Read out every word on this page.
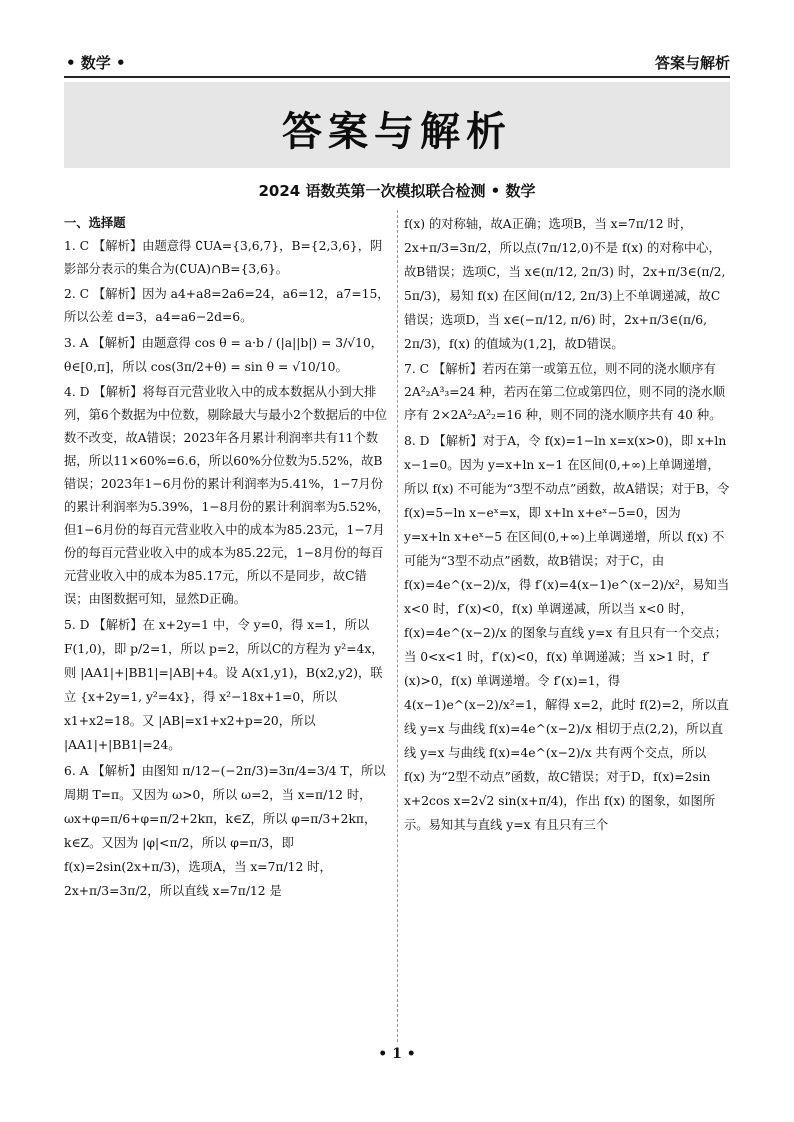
• 数学 •	答案与解析
答案与解析
2024 语数英第一次模拟联合检测 • 数学
一、选择题
1. C 【解析】由题意得 ∁UA={3,6,7}，B={2,3,6}，阴影部分表示的集合为(∁UA)∩B={3,6}。
2. C 【解析】因为 a4+a8=2a6=24，a6=12，a7=15，所以公差 d=3，a4=a6−2d=6。
3. A 【解析】由题意得 cos θ = a·b / (|a||b|) = 3/√10，θ∈[0,π]，所以 cos(3π/2+θ) = sin θ = √10/10。
4. D 【解析】将每百元营业收入中的成本数据从小到大排列，第6个数据为中位数，剔除最大与最小2个数据后的中位数不改变，故A错误；2023年各月累计利润率共有11个数据，所以11×60%=6.6，所以60%分位数为5.52%，故B错误；2023年1−6月份的累计利润率为5.41%，1−7月份的累计利润率为5.39%，1−8月份的累计利润率为5.52%，但1−6月份的每百元营业收入中的成本为85.23元，1−7月份的每百元营业收入中的成本为85.22元，1−8月份的每百元营业收入中的成本为85.17元，所以不是同步，故C错误；由图数据可知，显然D正确。
5. D 【解析】在 x+2y=1 中，令 y=0，得 x=1，所以 F(1,0)，即 p/2=1，所以 p=2，所以C的方程为 y²=4x，则 |AA1|+|BB1|=|AB|+4。设 A(x1,y1)，B(x2,y2)，联立 {x+2y=1, y²=4x}，得 x²−18x+1=0，所以 x1+x2=18。又 |AB|=x1+x2+p=20，所以 |AA1|+|BB1|=24。
6. A 【解析】由图知 π/12−(−2π/3)=3π/4=3/4 T，所以周期 T=π。又因为 ω>0，所以 ω=2，当 x=π/12 时，ωx+φ=π/6+φ=π/2+2kπ，k∈Z，所以 φ=π/3+2kπ，k∈Z。又因为 |φ|<π/2，所以 φ=π/3，即 f(x)=2sin(2x+π/3)，选项A，当 x=7π/12 时，2x+π/3=3π/2，所以直线 x=7π/12 是
f(x) 的对称轴，故A正确；选项B，当 x=7π/12 时，2x+π/3=3π/2，所以点(7π/12,0)不是 f(x) 的对称中心，故B错误；选项C，当 x∈(π/12, 2π/3) 时，2x+π/3∈(π/2, 5π/3)，易知 f(x) 在区间(π/12, 2π/3)上不单调递减，故C错误；选项D，当 x∈(−π/12, π/6) 时，2x+π/3∈(π/6, 2π/3)，f(x) 的值域为(1,2]，故D错误。
7. C 【解析】若丙在第一或第五位，则不同的浇水顺序有 2A²₂A³₃=24 种，若丙在第二位或第四位，则不同的浇水顺序有 2×2A²₂A²₂=16 种，则不同的浇水顺序共有 40 种。
8. D 【解析】对于A，令 f(x)=1−ln x=x(x>0)，即 x+ln x−1=0。因为 y=x+ln x−1 在区间(0,+∞)上单调递增，所以 f(x) 不可能为“3型不动点”函数，故A错误；对于B，令 f(x)=5−ln x−eˣ=x，即 x+ln x+eˣ−5=0，因为 y=x+ln x+eˣ−5 在区间(0,+∞)上单调递增，所以 f(x) 不可能为“3型不动点”函数，故B错误；对于C，由 f(x)=4e^(x−2)/x，得 f′(x)=4(x−1)e^(x−2)/x²，易知当 x<0 时，f′(x)<0，f(x) 单调递减，所以当 x<0 时，f(x)=4e^(x−2)/x 的图象与直线 y=x 有且只有一个交点；当 0<x<1 时，f′(x)<0，f(x) 单调递减；当 x>1 时，f′(x)>0，f(x) 单调递增。令 f′(x)=1，得 4(x−1)e^(x−2)/x²=1，解得 x=2，此时 f(2)=2，所以直线 y=x 与曲线 f(x)=4e^(x−2)/x 相切于点(2,2)，所以直线 y=x 与曲线 f(x)=4e^(x−2)/x 共有两个交点，所以 f(x) 为“2型不动点”函数，故C错误；对于D，f(x)=2sin x+2cos x=2√2 sin(x+π/4)，作出 f(x) 的图象，如图所示。易知其与直线 y=x 有且只有三个
• 1 •
